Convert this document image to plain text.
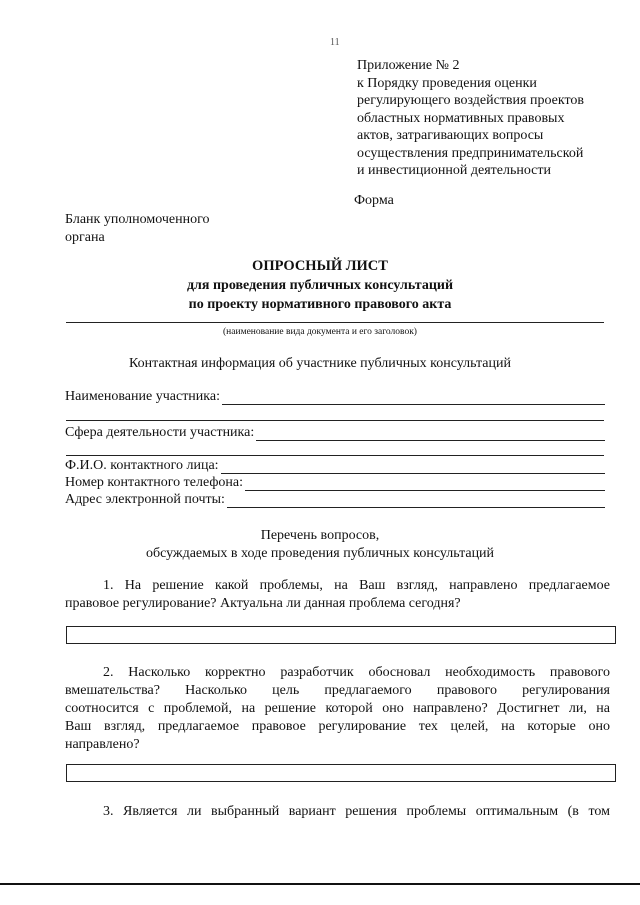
11
Приложение № 2
к Порядку проведения оценки
регулирующего воздействия проектов
областных нормативных правовых
актов, затрагивающих вопросы
осуществления предпринимательской
и инвестиционной деятельности
Форма
Бланк уполномоченного
органа
ОПРОСНЫЙ ЛИСТ
для проведения публичных консультаций
по проекту нормативного правового акта
(наименование вида документа и его заголовок)
Контактная информация об участнике публичных консультаций
Наименование участника:
Сфера деятельности участника:
Ф.И.О. контактного лица:
Номер контактного телефона:
Адрес электронной почты:
Перечень вопросов,
обсуждаемых в ходе проведения публичных консультаций
1. На решение какой проблемы, на Ваш взгляд, направлено предлагаемое
правовое регулирование? Актуальна ли данная проблема сегодня?
2. Насколько корректно разработчик обосновал необходимость правового
вмешательства? Насколько цель предлагаемого правового регулирования
соотносится с проблемой, на решение которой оно направлено? Достигнет ли, на
Ваш взгляд, предлагаемое правовое регулирование тех целей, на которые оно
направлено?
3. Является ли выбранный вариант решения проблемы оптимальным (в том
